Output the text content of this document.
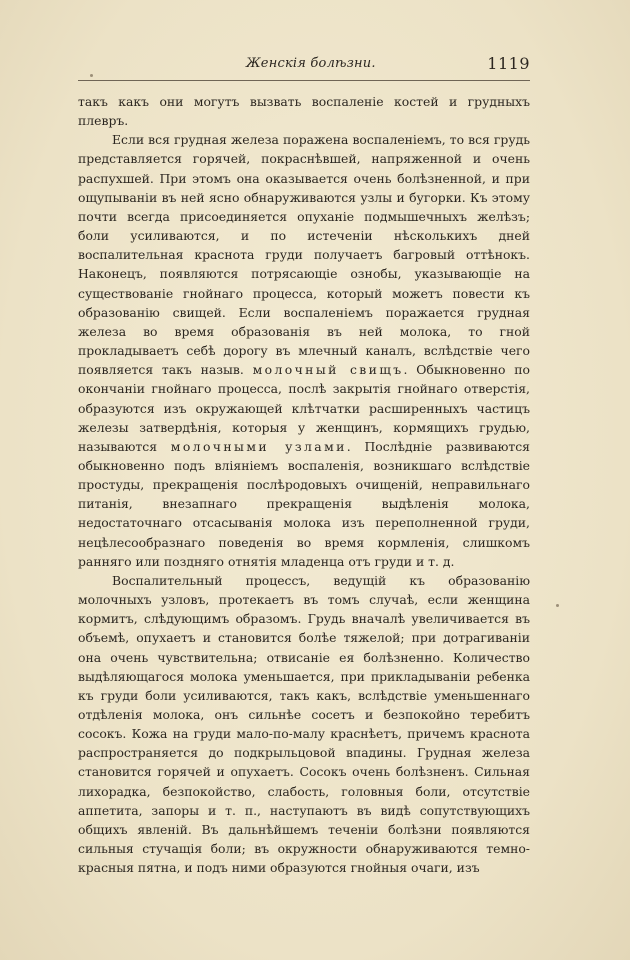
Женскія болѣзни.	1119

такъ какъ они могутъ вызвать воспаленіе костей и грудныхъ плевръ.

Если вся грудная железа поражена воспаленіемъ, то вся грудь представляется горячей, покраснѣвшей, напряженной и очень распухшей. При этомъ она оказывается очень болѣзненной, и при ощупываніи въ ней ясно обнаруживаются узлы и бугорки. Къ этому почти всегда присоединяется опуханіе подмышечныхъ желѣзъ; боли усиливаются, и по истеченіи нѣсколькихъ дней воспалительная краснота груди получаетъ багровый оттѣнокъ. Наконецъ, появляются потрясающіе ознобы, указывающіе на существованіе гнойнаго процесса, который можетъ повести къ образованію свищей. Если воспаленіемъ поражается грудная железа во время образованія въ ней молока, то гной прокладываетъ себѣ дорогу въ млечный каналъ, вслѣдствіе чего появляется такъ назыв. молочный свищъ. Обыкновенно по окончаніи гнойнаго процесса, послѣ закрытія гнойнаго отверстія, образуются изъ окружающей клѣтчатки расширенныхъ частицъ железы затвердѣнія, которыя у женщинъ, кормящихъ грудью, называются молочными узлами. Послѣдніе развиваются обыкновенно подъ вліяніемъ воспаленія, возникшаго вслѣдствіе простуды, прекращенія послѣродовыхъ очищеній, неправильнаго питанія, внезапнаго прекращенія выдѣленія молока, недостаточнаго отсасыванія молока изъ переполненной груди, нецѣлесообразнаго поведенія во время кормленія, слишкомъ ранняго или поздняго отнятія младенца отъ груди и т. д.

Воспалительный процессъ, ведущій къ образованію молочныхъ узловъ, протекаетъ въ томъ случаѣ, если женщина кормитъ, слѣдующимъ образомъ. Грудь вначалѣ увеличивается въ объемѣ, опухаетъ и становится болѣе тяжелой; при дотрагиваніи она очень чувствительна; отвисаніе ея болѣзненно. Количество выдѣляющагося молока уменьшается, при прикладываніи ребенка къ груди боли усиливаются, такъ какъ, вслѣдствіе уменьшеннаго отдѣленія молока, онъ сильнѣе сосетъ и безпокойно теребитъ сосокъ. Кожа на груди мало-по-малу краснѣетъ, причемъ краснота распространяется до подкрыльцовой впадины. Грудная железа становится горячей и опухаетъ. Сосокъ очень болѣзненъ. Сильная лихорадка, безпокойство, слабость, головныя боли, отсутствіе аппетита, запоры и т. п., наступаютъ въ видѣ сопутствующихъ общихъ явленій. Въ дальнѣйшемъ теченіи болѣзни появляются сильныя стучащія боли; въ окружности обнаруживаются темно-красныя пятна, и подъ ними образуются гнойныя очаги, изъ
